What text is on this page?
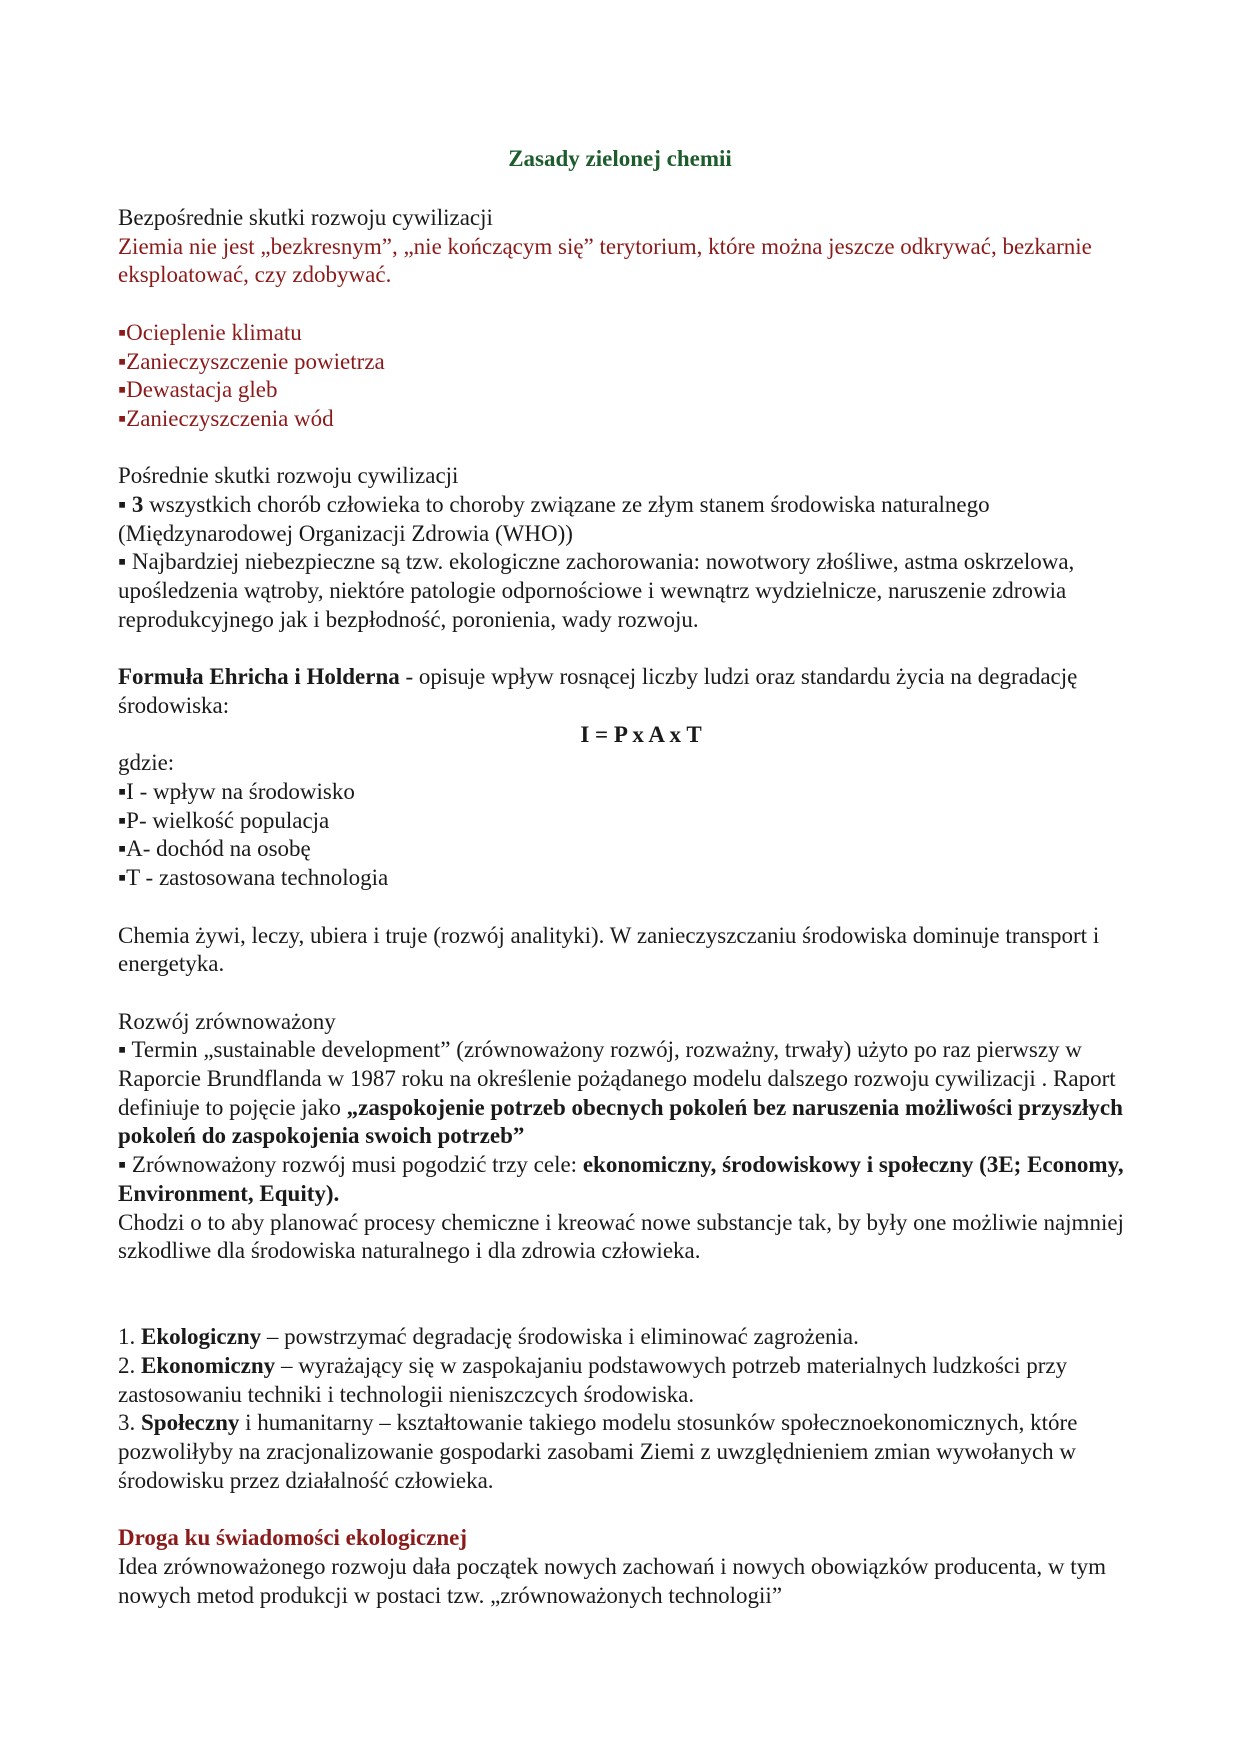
Zasady zielonej chemii

Bezpośrednie skutki rozwoju cywilizacji

Ziemia nie jest „bezkresnym”, „nie kończącym się” terytorium, które można jeszcze odkrywać, bezkarnie eksploatować, czy zdobywać.

▪Ocieplenie klimatu

▪Zanieczyszczenie powietrza

▪Dewastacja gleb

▪Zanieczyszczenia wód

Pośrednie skutki rozwoju cywilizacji

▪ 3 wszystkich chorób człowieka to choroby związane ze złym stanem środowiska naturalnego (Międzynarodowej Organizacji Zdrowia (WHO))

▪ Najbardziej niebezpieczne są tzw. ekologiczne zachorowania: nowotwory złośliwe, astma oskrzelowa, upośledzenia wątroby, niektóre patologie odpornościowe i wewnątrz wydzielnicze, naruszenie zdrowia reprodukcyjnego jak i bezpłodność, poronienia, wady rozwoju.

Formuła Ehricha i Holderna - opisuje wpływ rosnącej liczby ludzi oraz standardu życia na degradację środowiska:

I = P x A x T

gdzie:

▪I - wpływ na środowisko

▪P- wielkość populacja

▪A- dochód na osobę

▪T - zastosowana technologia

Chemia żywi, leczy, ubiera i truje (rozwój analityki). W zanieczyszczaniu środowiska dominuje transport i energetyka.

Rozwój zrównoważony

▪ Termin „sustainable development” (zrównoważony rozwój, rozważny, trwały) użyto po raz pierwszy w Raporcie Brundflanda w 1987 roku na określenie pożądanego modelu dalszego rozwoju cywilizacji . Raport definiuje to pojęcie jako „zaspokojenie potrzeb obecnych pokoleń bez naruszenia możliwości przyszłych pokoleń do zaspokojenia swoich potrzeb”

▪ Zrównoważony rozwój musi pogodzić trzy cele: ekonomiczny, środowiskowy i społeczny (3E; Economy, Environment, Equity).

Chodzi o to aby planować procesy chemiczne i kreować nowe substancje tak, by były one możliwie najmniej szkodliwe dla środowiska naturalnego i dla zdrowia człowieka.

1. Ekologiczny – powstrzymać degradację środowiska i eliminować zagrożenia.

2. Ekonomiczny – wyrażający się w zaspokajaniu podstawowych potrzeb materialnych ludzkości przy zastosowaniu techniki i technologii nieniszczcych środowiska.

3. Społeczny i humanitarny – kształtowanie takiego modelu stosunków społecznoekonomicznych, które pozwoliłyby na zracjonalizowanie gospodarki zasobami Ziemi z uwzględnieniem zmian wywołanych w środowisku przez działalność człowieka.

Droga ku świadomości ekologicznej

Idea zrównoważonego rozwoju dała początek nowych zachowań i nowych obowiązków producenta, w tym nowych metod produkcji w postaci tzw. „zrównoważonych technologii”
